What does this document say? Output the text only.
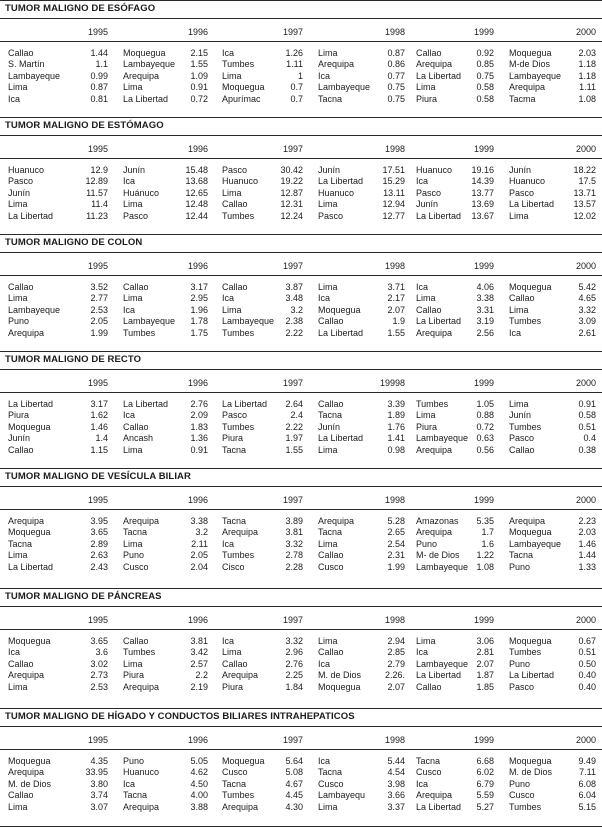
TUMOR MALIGNO DE ESÓFAGO
1995	1996	1997	1998	1999	2000
Callao	1.44 Moquegua	2.15 Ica	1.26 Lima	0.87 Callao	0.92 Moquegua	2.03
S. Martín	1.1 Lambayeque	1.55 Tumbes	1.11 Arequipa	0.86 Arequipa	0.85 M-de Dios	1.18
Lambayeque	0.99 Arequipa	1.09 Lima	1 Ica	0.77 La Libertad	0.75 Lambayeque	1.18
Lima	0.87 Lima	0.91 Moquegua	0.7 Lambayeque	0.75 Lima	0.58 Arequipa	1.11
Ica	0.81 La Libertad	0.72 Apurímac	0.7 Tacna	0.75 Piura	0.58 Tacma	1.08
TUMOR MALIGNO DE ESTÓMAGO
1995	1996	1997	1998	1999	2000
Huanuco	12.9 Junín	15.48 Pasco	30.42 Junín	17.51 Huanuco	19.16 Junín	18.22
Pasco	12.89 Ica	13.68 Huanuco	19.22 La Libertad	15.29 Ica	14.39 Huanuco	17.5
Junín	11.57 Huánuco	12.65 Lima	12.87 Huanuco	13.11 Pasco	13.77 Pasco	13.71
Lima	11.4 Lima	12.48 Callao	12.31 Lima	12.94 Junín	13.69 La Libertad	13.57
La Libertad	11.23 Pasco	12.44 Tumbes	12.24 Pasco	12.77 La Libertad	13.67 Lima	12.02
TUMOR MALIGNO DE COLON
1995	1996	1997	1998	1999	2000
Callao	3.52 Callao	3.17 Callao	3.87 Lima	3.71 Ica	4.06 Moquegua	5.42
Lima	2.77 Lima	2.95 Ica	3.48 Ica	2.17 Lima	3.38 Callao	4.65
Lambayeque	2.53 Ica	1.96 Lima	3.2 Moquegua	2.07 Callao	3.31 Lima	3.32
Puno	2.05 Lambayeque	1.78 Lambayeque	2.38 Callao	1.9 La Libertad	3.19 Tumbes	3.09
Arequipa	1.99 Tumbes	1.75 Tumbes	2.22 La Libertad	1.55 Arequipa	2.56 Ica	2.61
TUMOR MALIGNO DE RECTO
1995	1996	1997	19998	1999	2000
La Libertad	3.17 La Libertad	2.76 La Libertad	2.64 Callao	3.39 Tumbes	1.05 Lima	0.91
Piura	1.62 Ica	2.09 Pasco	2.4 Tacna	1.89 Lima	0.88 Junín	0.58
Moquegua	1.46 Callao	1.83 Tumbes	2.22 Junín	1.76 Piura	0.72 Tumbes	0.51
Junín	1.4 Ancash	1.36 Piura	1.97 La Libertad	1.41 Lambayeque 0.63 Pasco	0.4
Callao	1.15 Lima	0.91 Tacna	1.55 Lima	0.98 Arequipa	0.56 Callao	0.38
TUMOR MALIGNO DE VESÍCULA BILIAR
1995	1996	1997	1998	1999	2000
Arequipa	3.95 Arequipa	3.38 Tacna	3.89 Arequipa	5.28 Amazonas	5.35 Arequipa	2.23
Moquegua	3.65 Tacna	3.2 Arequipa	3.81 Tacna	2.65 Arequipa	1.7 Moquegua	2.03
Tacna	2.89 Lima	2.11 Ica	3.32 Lima	2.54 Puno	1.6 Lambayeque	1.46
Lima	2.63 Puno	2.05 Tumbes	2.78 Callao	2.31 M- de Dios	1.22 Tacna	1.44
La Libertad	2.43 Cusco	2.04 Cisco	2.28 Cusco	1.99 Lambayeque 1.08 Puno	1.33
TUMOR MALIGNO DE PÁNCREAS
1995	1996	1997	1998	1999	2000
Moquegua	3.65 Callao	3.81 Ica	3.32 Lima	2.94 Lima	3.06 Moquegua	0.67
Ica	3.6 Tumbes	3.42 Lima	2.96 Callao	2.85 Ica	2.81 Tumbes	0.51
Callao	3.02 Lima	2.57 Callao	2.76 Ica	2.79 Lambayeque 2.07 Puno	0.50
Arequipa	2.73 Piura	2.2 Arequipa	2.25 M. de Dios	2.26. La Libertad	1.87 La Libertad	0.40
Lima	2.53 Arequipa	2.19 Piura	1.84 Moquegua	2.07 Callao	1.85 Pasco	0.40
TUMOR MALIGNO DE HÍGADO Y CONDUCTOS BILIARES INTRAHEPATICOS
1995	1996	1997	1998	1999	2000
Moquegua	4.35 Puno	5.05 Moquegua	5.64 Ica	5.44 Tacna	6.68 Moquegua	9.49
Arequipa	33.95 Huanuco	4.62 Cusco	5.08 Tacna	4.54 Cusco	6.02 M. de Dios	7.11
M. de Dios	3.80 Ica	4.50 Tacna	4.67 Cusco	3.98 Ica	6.79 Puno	6.08
Callao	3.74 Tacna	4.00 Tumbes	4.45 Lambayequ	3.66 Arequipa	5.59 Cusco	6.04
Lima	3.07 Arequipa	3.88 Arequipa	4.30 Lima	3.37 La Libertad	5.27 Tumbes	5.15
